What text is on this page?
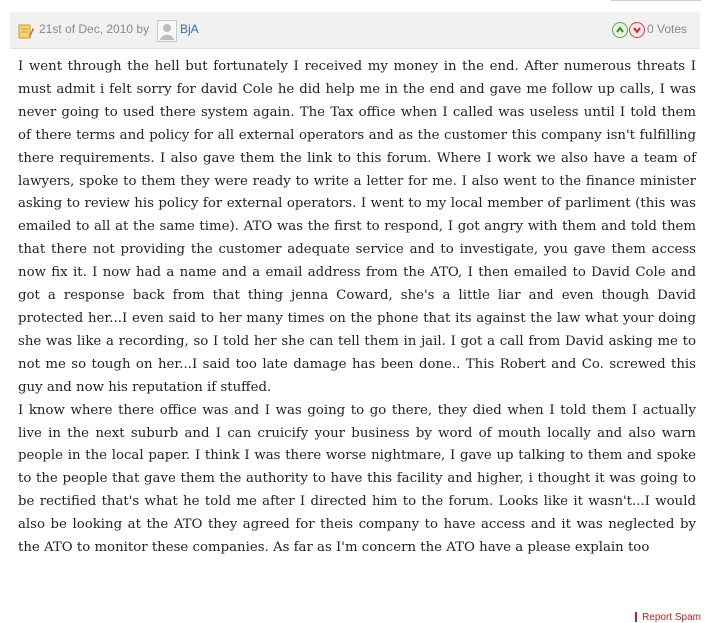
21st of Dec, 2010 by	BjA	0 Votes

I went through the hell but fortunately I received my money in the end. After numerous threats I must admit i felt sorry for david Cole he did help me in the end and gave me follow up calls, I was never going to used there system again. The Tax office when I called was useless until I told them of there terms and policy for all external operators and as the customer this company isn't fulfilling there requirements. I also gave them the link to this forum. Where I work we also have a team of lawyers, spoke to them they were ready to write a letter for me. I also went to the finance minister asking to review his policy for external operators. I went to my local member of parliment (this was emailed to all at the same time). ATO was the first to respond, I got angry with them and told them that there not providing the customer adequate service and to investigate, you gave them access now fix it. I now had a name and a email address from the ATO, I then emailed to David Cole and got a response back from that thing jenna Coward, she's a little liar and even though David protected her...I even said to her many times on the phone that its against the law what your doing she was like a recording, so I told her she can tell them in jail. I got a call from David asking me to not me so tough on her...I said too late damage has been done.. This Robert and Co. screwed this guy and now his reputation if stuffed.

I know where there office was and I was going to go there, they died when I told them I actually live in the next suburb and I can cruicify your business by word of mouth locally and also warn people in the local paper. I think I was there worse nightmare, I gave up talking to them and spoke to the people that gave them the authority to have this facility and higher, i thought it was going to be rectified that's what he told me after I directed him to the forum. Looks like it wasn't...I would also be looking at the ATO they agreed for theis company to have access and it was neglected by the ATO to monitor these companies. As far as I'm concern the ATO have a please explain too

Report Spam
